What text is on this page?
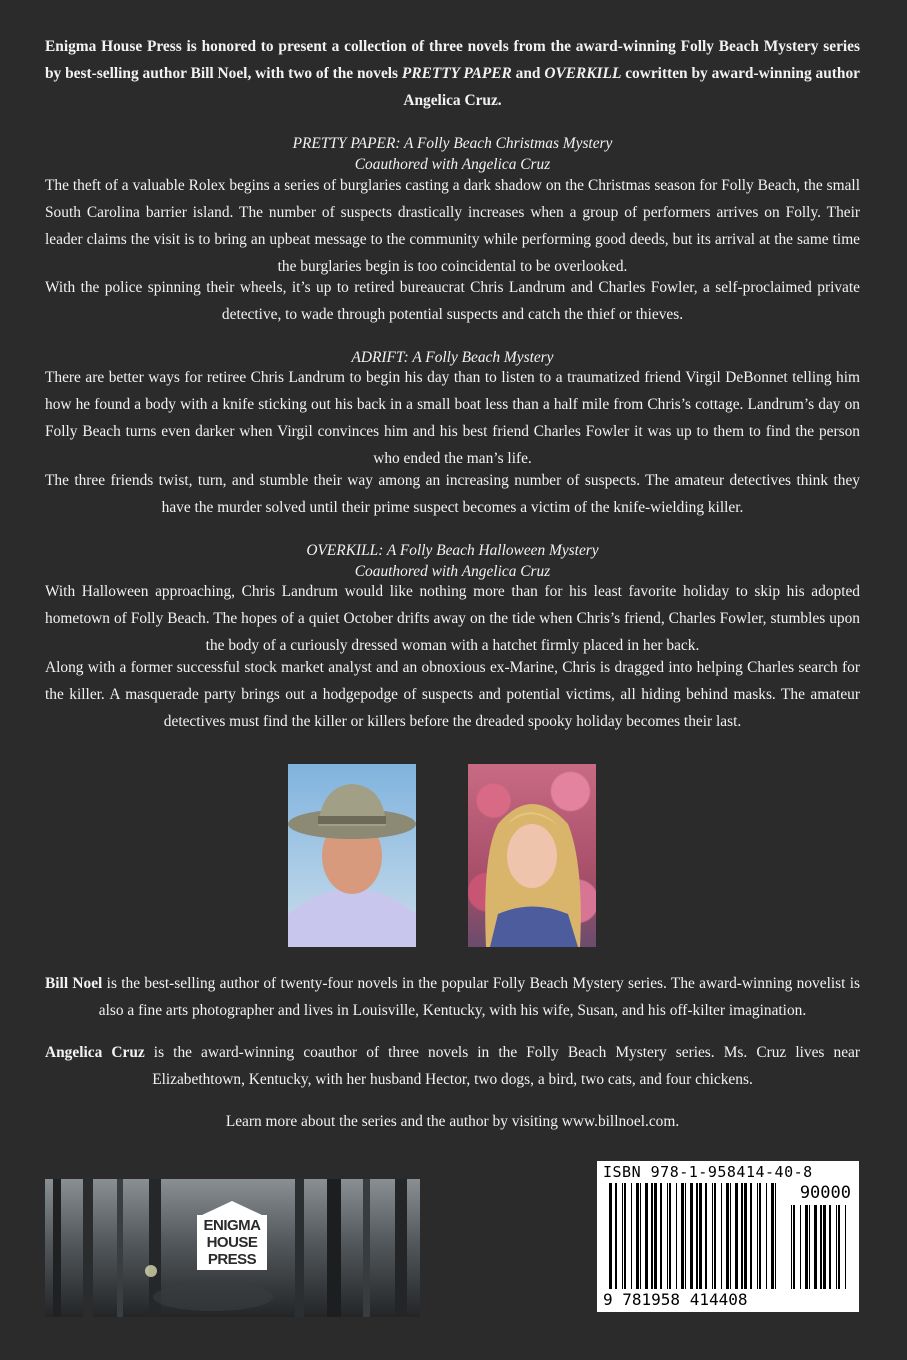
Enigma House Press is honored to present a collection of three novels from the award-winning Folly Beach Mystery series by best-selling author Bill Noel, with two of the novels PRETTY PAPER and OVERKILL cowritten by award-winning author Angelica Cruz.

PRETTY PAPER: A Folly Beach Christmas Mystery

Coauthored with Angelica Cruz

The theft of a valuable Rolex begins a series of burglaries casting a dark shadow on the Christmas season for Folly Beach, the small South Carolina barrier island. The number of suspects drastically increases when a group of performers arrives on Folly. Their leader claims the visit is to bring an upbeat message to the community while performing good deeds, but its arrival at the same time the burglaries begin is too coincidental to be overlooked.

With the police spinning their wheels, it’s up to retired bureaucrat Chris Landrum and Charles Fowler, a self-proclaimed private detective, to wade through potential suspects and catch the thief or thieves.

ADRIFT: A Folly Beach Mystery

There are better ways for retiree Chris Landrum to begin his day than to listen to a traumatized friend Virgil DeBonnet telling him how he found a body with a knife sticking out his back in a small boat less than a half mile from Chris’s cottage. Landrum’s day on Folly Beach turns even darker when Virgil convinces him and his best friend Charles Fowler it was up to them to find the person who ended the man’s life.

The three friends twist, turn, and stumble their way among an increasing number of suspects. The amateur detectives think they have the murder solved until their prime suspect becomes a victim of the knife-wielding killer.

OVERKILL: A Folly Beach Halloween Mystery

Coauthored with Angelica Cruz

With Halloween approaching, Chris Landrum would like nothing more than for his least favorite holiday to skip his adopted hometown of Folly Beach. The hopes of a quiet October drifts away on the tide when Chris’s friend, Charles Fowler, stumbles upon the body of a curiously dressed woman with a hatchet firmly placed in her back.

Along with a former successful stock market analyst and an obnoxious ex-Marine, Chris is dragged into helping Charles search for the killer. A masquerade party brings out a hodgepodge of suspects and potential victims, all hiding behind masks. The amateur detectives must find the killer or killers before the dreaded spooky holiday becomes their last.

Bill Noel is the best-selling author of twenty-four novels in the popular Folly Beach Mystery series. The award-winning novelist is also a fine arts photographer and lives in Louisville, Kentucky, with his wife, Susan, and his off-kilter imagination.

Angelica Cruz is the award-winning coauthor of three novels in the Folly Beach Mystery series. Ms. Cruz lives near Elizabethtown, Kentucky, with her husband Hector, two dogs, a bird, two cats, and four chickens.

Learn more about the series and the author by visiting www.billnoel.com.

ENIGMA
HOUSE
PRESS
ISBN 978-1-958414-40-8
90000
9 781958 414408
